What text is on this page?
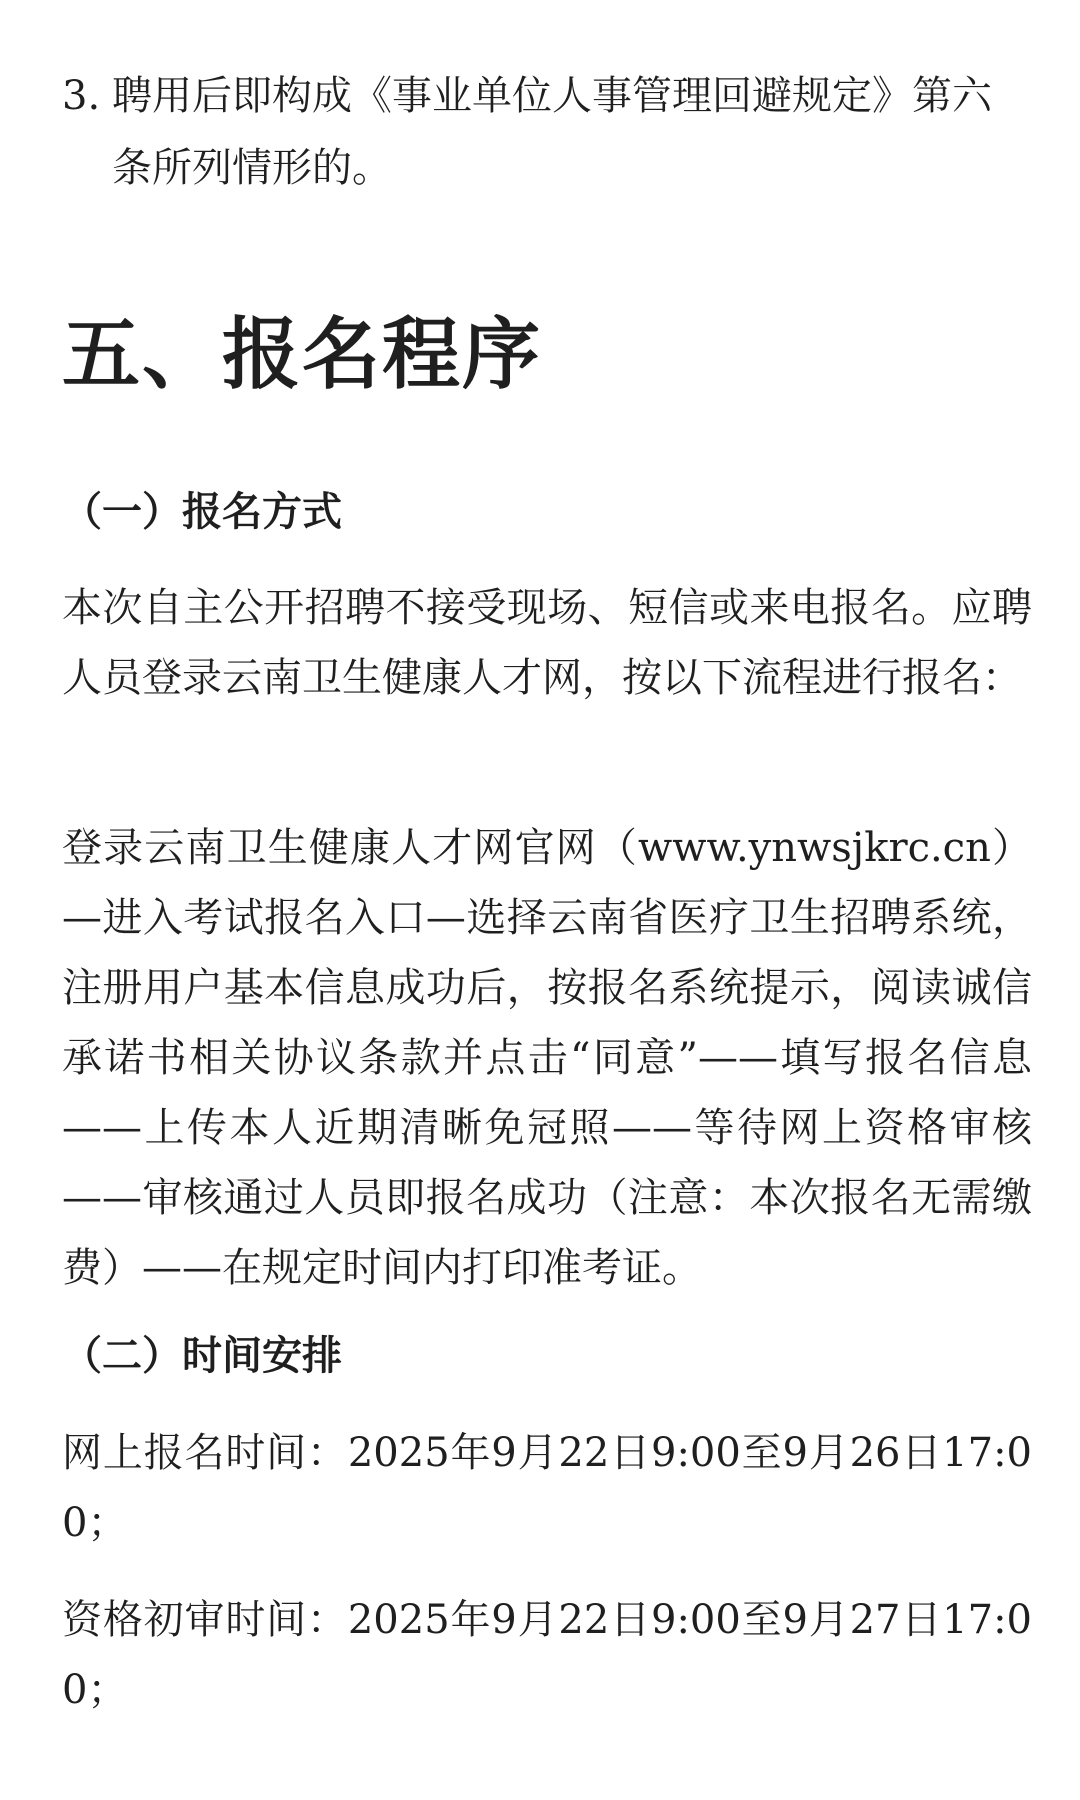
3. 聘用后即构成《事业单位人事管理回避规定》第六条所列情形的。
五、报名程序
（一）报名方式

本次自主公开招聘不接受现场、短信或来电报名。应聘人员登录云南卫生健康人才网，按以下流程进行报名：

登录云南卫生健康人才网官网（www.ynwsjkrc.cn）—进入考试报名入口—选择云南省医疗卫生招聘系统，注册用户基本信息成功后，按报名系统提示，阅读诚信承诺书相关协议条款并点击“同意”——填写报名信息——上传本人近期清晰免冠照——等待网上资格审核——审核通过人员即报名成功（注意：本次报名无需缴费）——在规定时间内打印准考证。

（二）时间安排

网上报名时间：2025年9月22日9:00至9月26日17:00；

资格初审时间：2025年9月22日9:00至9月27日17:00；
